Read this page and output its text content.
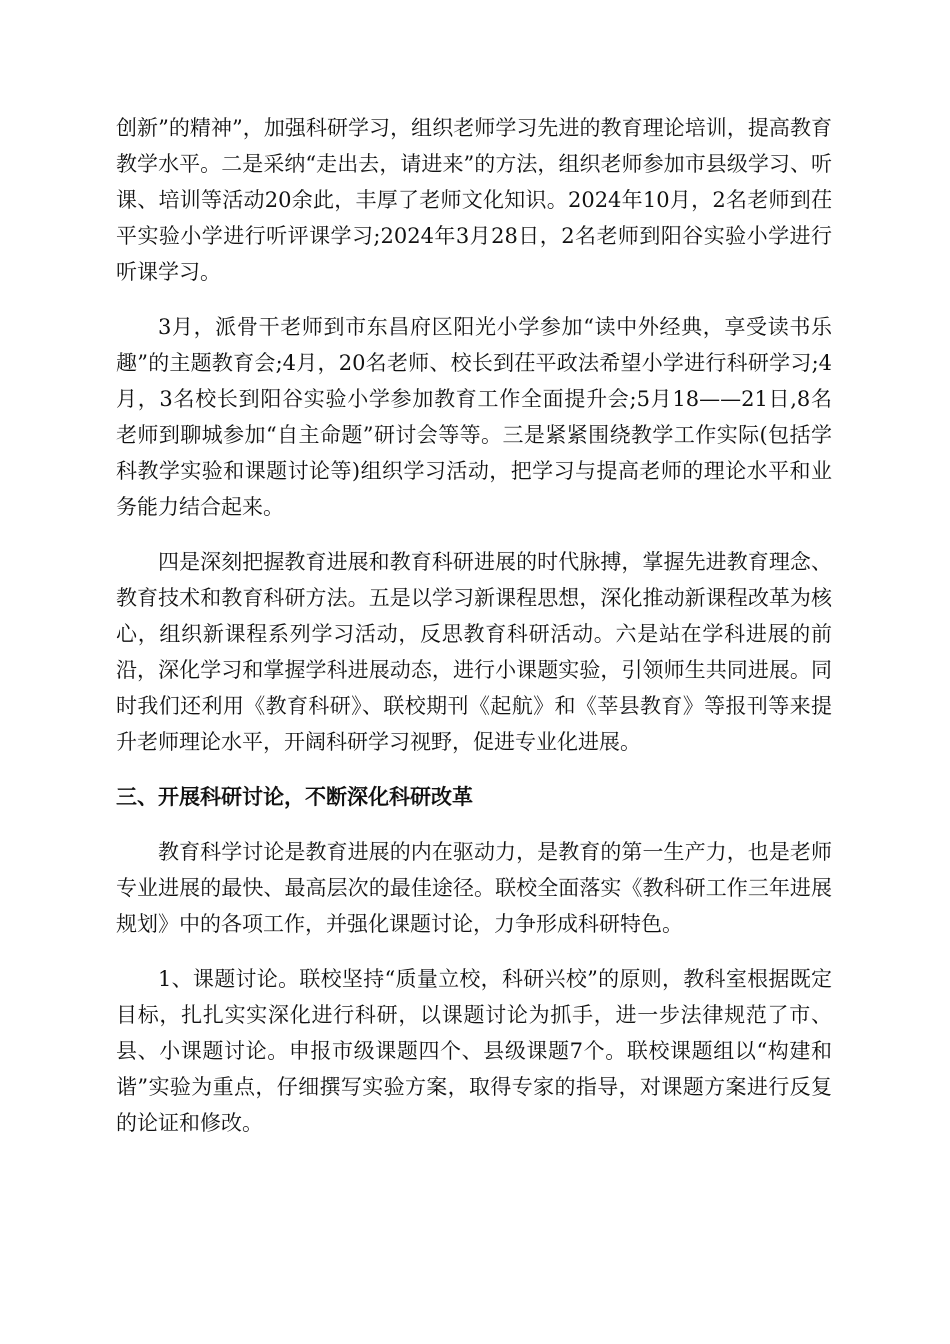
创新”的精神”，加强科研学习，组织老师学习先进的教育理论培训，提高教育教学水平。二是采纳“走出去，请进来”的方法，组织老师参加市县级学习、听课、培训等活动20余此，丰厚了老师文化知识。2024年10月，2名老师到茌平实验小学进行听评课学习;2024年3月28日，2名老师到阳谷实验小学进行听课学习。

3月，派骨干老师到市东昌府区阳光小学参加“读中外经典，享受读书乐趣”的主题教育会;4月，20名老师、校长到茌平政法希望小学进行科研学习;4月，3名校长到阳谷实验小学参加教育工作全面提升会;5月18——21日,8名老师到聊城参加“自主命题”研讨会等等。三是紧紧围绕教学工作实际(包括学科教学实验和课题讨论等)组织学习活动，把学习与提高老师的理论水平和业务能力结合起来。

四是深刻把握教育进展和教育科研进展的时代脉搏，掌握先进教育理念、教育技术和教育科研方法。五是以学习新课程思想，深化推动新课程改革为核心，组织新课程系列学习活动，反思教育科研活动。六是站在学科进展的前沿，深化学习和掌握学科进展动态，进行小课题实验，引领师生共同进展。同时我们还利用《教育科研》、联校期刊《起航》和《莘县教育》等报刊等来提升老师理论水平，开阔科研学习视野，促进专业化进展。

三、开展科研讨论，不断深化科研改革

教育科学讨论是教育进展的内在驱动力，是教育的第一生产力，也是老师专业进展的最快、最高层次的最佳途径。联校全面落实《教科研工作三年进展规划》中的各项工作，并强化课题讨论，力争形成科研特色。

1、课题讨论。联校坚持“质量立校，科研兴校”的原则，教科室根据既定目标，扎扎实实深化进行科研，以课题讨论为抓手，进一步法律规范了市、县、小课题讨论。申报市级课题四个、县级课题7个。联校课题组以“构建和谐”实验为重点，仔细撰写实验方案，取得专家的指导，对课题方案进行反复的论证和修改。
